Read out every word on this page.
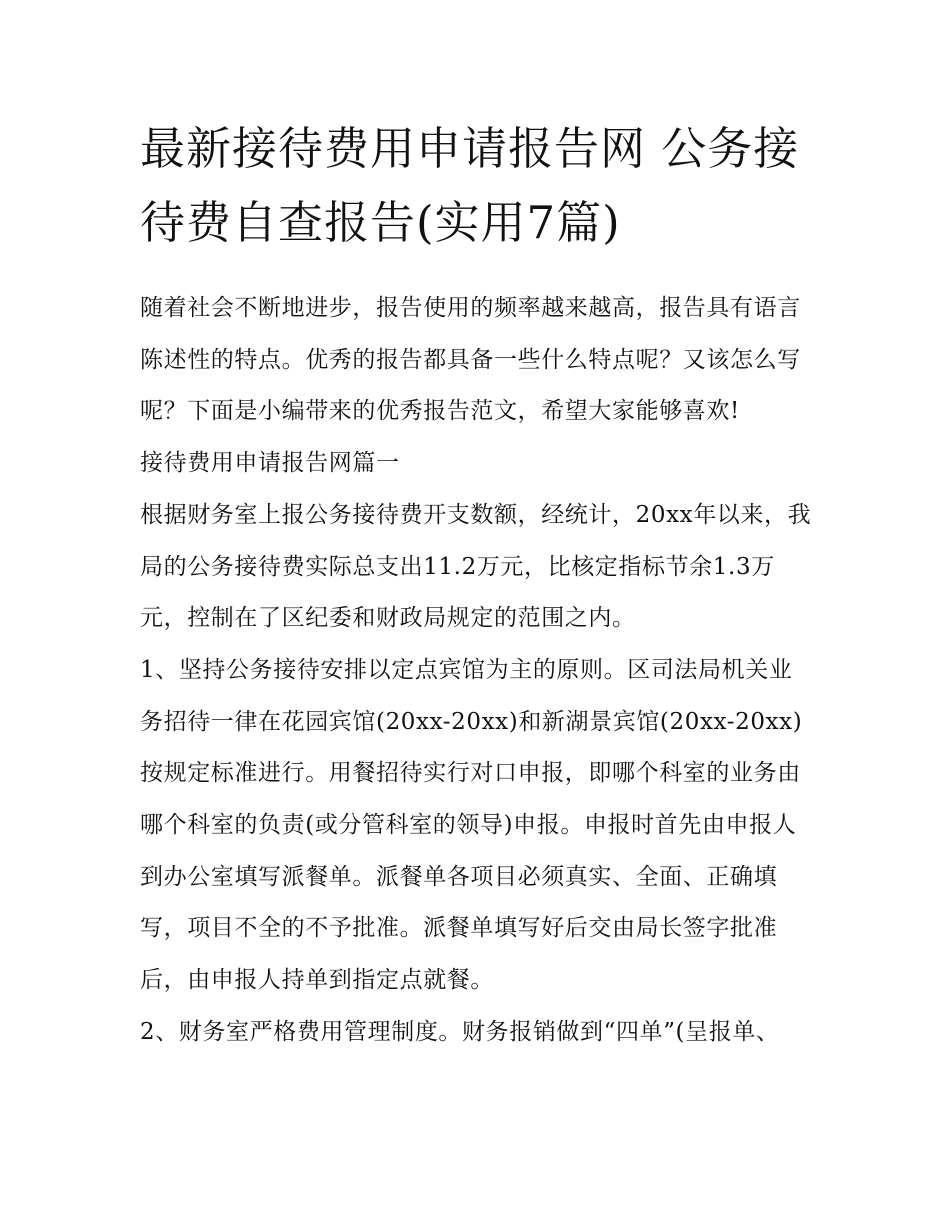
最新接待费用申请报告网 公务接待费自查报告(实用7篇)

随着社会不断地进步，报告使用的频率越来越高，报告具有语言陈述性的特点。优秀的报告都具备一些什么特点呢？又该怎么写呢？下面是小编带来的优秀报告范文，希望大家能够喜欢!

接待费用申请报告网篇一

根据财务室上报公务接待费开支数额，经统计，20xx年以来，我局的公务接待费实际总支出11.2万元，比核定指标节余1.3万元，控制在了区纪委和财政局规定的范围之内。

1、坚持公务接待安排以定点宾馆为主的原则。区司法局机关业务招待一律在花园宾馆(20xx-20xx)和新湖景宾馆(20xx-20xx)按规定标准进行。用餐招待实行对口申报，即哪个科室的业务由哪个科室的负责(或分管科室的领导)申报。申报时首先由申报人到办公室填写派餐单。派餐单各项目必须真实、全面、正确填写，项目不全的不予批准。派餐单填写好后交由局长签字批准后，由申报人持单到指定点就餐。

2、财务室严格费用管理制度。财务报销做到“四单”(呈报单、
